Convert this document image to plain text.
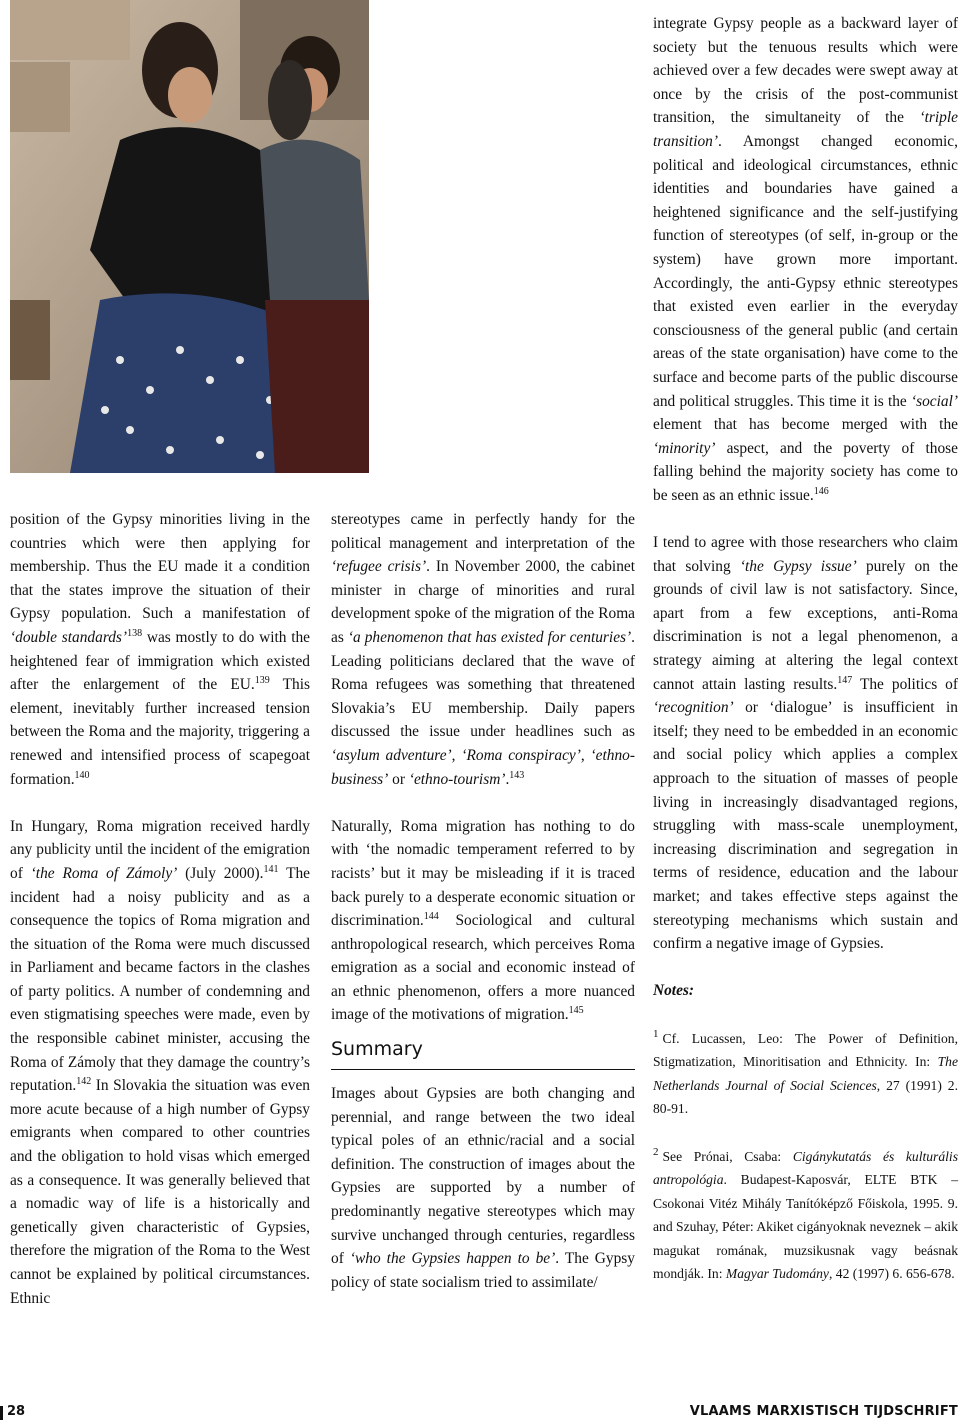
position of the Gypsy minorities living in the countries which were then applying for membership. Thus the EU made it a condition that the states improve the situation of their Gypsy population. Such a manifestation of ‘double standards’$^{138}$ was mostly to do with the heightened fear of immigration which existed after the enlargement of the EU.$^{139}$ This element, inevitably further increased tension between the Roma and the majority, triggering a renewed and intensified process of scapegoat formation.$^{140}$

In Hungary, Roma migration received hardly any publicity until the incident of the emigration of ‘the Roma of Zámoly’ (July 2000).$^{141}$ The incident had a noisy publicity and as a consequence the topics of Roma migration and the situation of the Roma were much discussed in Parliament and became factors in the clashes of party politics. A number of condemning and even stigmatising speeches were made, even by the responsible cabinet minister, accusing the Roma of Zámoly that they damage the country’s reputation.$^{142}$ In Slovakia the situation was even more acute because of a high number of Gypsy emigrants when compared to other countries and the obligation to hold visas which emerged as a consequence. It was generally believed that a nomadic way of life is a historically and genetically given characteristic of Gypsies, therefore the migration of the Roma to the West cannot be explained by political circumstances. Ethnic

stereotypes came in perfectly handy for the political management and interpretation of the ‘refugee crisis’. In November 2000, the cabinet minister in charge of minorities and rural development spoke of the migration of the Roma as ‘a phenomenon that has existed for centuries’. Leading politicians declared that the wave of Roma refugees was something that threatened Slovakia’s EU membership. Daily papers discussed the issue under headlines such as ‘asylum adventure’, ‘Roma conspiracy’, ‘ethno-business’ or ‘ethno-tourism’.$^{143}$

Naturally, Roma migration has nothing to do with ‘the nomadic temperament referred to by racists’ but it may be misleading if it is traced back purely to a desperate economic situation or discrimination.$^{144}$ Sociological and cultural anthropological research, which perceives Roma emigration as a social and economic instead of an ethnic phenomenon, offers a more nuanced image of the motivations of migration.$^{145}$

Summary

Images about Gypsies are both changing and perennial, and range between the two ideal typical poles of an ethnic/racial and a social definition. The construction of images about the Gypsies are supported by a number of predominantly negative stereotypes which may survive unchanged through centuries, regardless of ‘who the Gypsies happen to be’. The Gypsy policy of state socialism tried to assimilate/

integrate Gypsy people as a backward layer of society but the tenuous results which were achieved over a few decades were swept away at once by the crisis of the post-communist transition, the simultaneity of the ‘triple transition’. Amongst changed economic, political and ideological circumstances, ethnic identities and boundaries have gained a heightened significance and the self-justifying function of stereotypes (of self, in-group or the system) have grown more important. Accordingly, the anti-Gypsy ethnic stereotypes that existed even earlier in the everyday consciousness of the general public (and certain areas of the state organisation) have come to the surface and become parts of the public discourse and political struggles. This time it is the ‘social’ element that has become merged with the ‘minority’ aspect, and the poverty of those falling behind the majority society has come to be seen as an ethnic issue.$^{146}$

I tend to agree with those researchers who claim that solving ‘the Gypsy issue’ purely on the grounds of civil law is not satisfactory. Since, apart from a few exceptions, anti-Roma discrimination is not a legal phenomenon, a strategy aiming at altering the legal context cannot attain lasting results.$^{147}$ The politics of ‘recognition’ or ‘dialogue’ is insufficient in itself; they need to be embedded in an economic and social policy which applies a complex approach to the situation of masses of people living in increasingly disadvantaged regions, struggling with mass-scale unemployment, increasing discrimination and segregation in terms of residence, education and the labour market; and takes effective steps against the stereotyping mechanisms which sustain and confirm a negative image of Gypsies.

Notes:

$^1$ Cf. Lucassen, Leo: The Power of Definition, Stigmatization, Minoritisation and Ethnicity. In: The Netherlands Journal of Social Sciences, 27 (1991) 2. 80-91.

$^2$ See Prónai, Csaba: Cigánykutatás és kulturális antropológia. Budapest-Kaposvár, ELTE BTK – Csokonai Vitéz Mihály Tanítóképző Főiskola, 1995. 9. and Szuhay, Péter: Akiket cigányoknak neveznek – akik magukat romának, muzsikusnak vagy beásnak mondják. In: Magyar Tudomány, 42 (1997) 6. 656-678.

28	VLAAMS MARXISTISCH TIJDSCHRIFT
